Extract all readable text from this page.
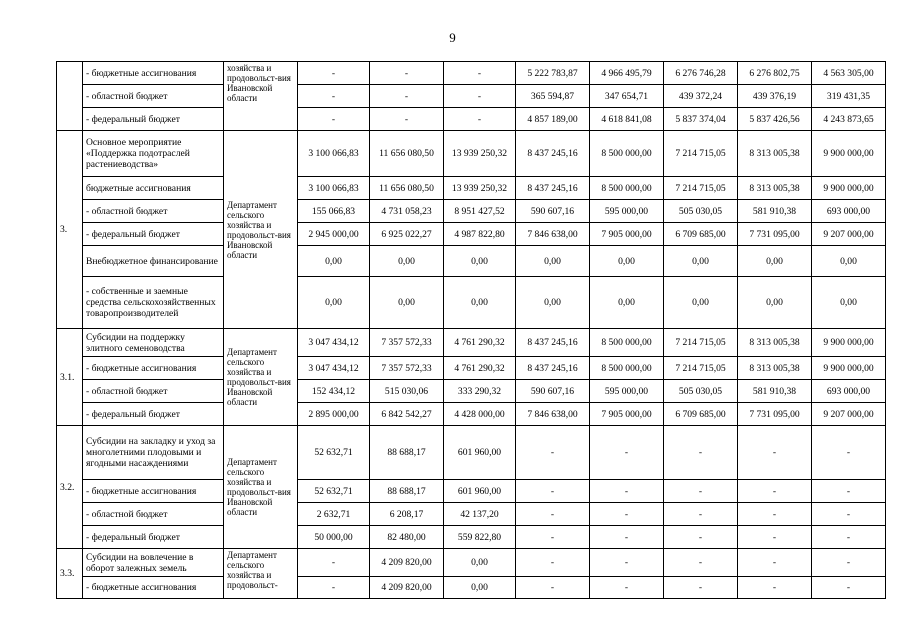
9
	- бюджетные ассигнования	хозяйства и продовольст-вия Ивановской области	-	-	-	5 222 783,87	4 966 495,79	6 276 746,28	6 276 802,75	4 563 305,00
	- областной бюджет		-	-	-	365 594,87	347 654,71	439 372,24	439 376,19	319 431,35
	- федеральный бюджет		-	-	-	4 857 189,00	4 618 841,08	5 837 374,04	5 837 426,56	4 243 873,65
3.	Основное мероприятие «Поддержка подотраслей растениеводства»	Департамент сельского хозяйства и продовольст-вия Ивановской области	3 100 066,83	11 656 080,50	13 939 250,32	8 437 245,16	8 500 000,00	7 214 715,05	8 313 005,38	9 900 000,00
	бюджетные ассигнования		3 100 066,83	11 656 080,50	13 939 250,32	8 437 245,16	8 500 000,00	7 214 715,05	8 313 005,38	9 900 000,00
	- областной бюджет		155 066,83	4 731 058,23	8 951 427,52	590 607,16	595 000,00	505 030,05	581 910,38	693 000,00
	- федеральный бюджет		2 945 000,00	6 925 022,27	4 987 822,80	7 846 638,00	7 905 000,00	6 709 685,00	7 731 095,00	9 207 000,00
	Внебюджетное финансирование		0,00	0,00	0,00	0,00	0,00	0,00	0,00	0,00
	- собственные и заемные средства сельскохозяйственных товаропроизводителей		0,00	0,00	0,00	0,00	0,00	0,00	0,00	0,00
3.1.	Субсидии на поддержку элитного семеноводства	Департамент сельского хозяйства и продовольст-вия Ивановской области	3 047 434,12	7 357 572,33	4 761 290,32	8 437 245,16	8 500 000,00	7 214 715,05	8 313 005,38	9 900 000,00
	- бюджетные ассигнования		3 047 434,12	7 357 572,33	4 761 290,32	8 437 245,16	8 500 000,00	7 214 715,05	8 313 005,38	9 900 000,00
	- областной бюджет		152 434,12	515 030,06	333 290,32	590 607,16	595 000,00	505 030,05	581 910,38	693 000,00
	- федеральный бюджет		2 895 000,00	6 842 542,27	4 428 000,00	7 846 638,00	7 905 000,00	6 709 685,00	7 731 095,00	9 207 000,00
3.2.	Субсидии на закладку и уход за многолетними плодовыми и ягодными насаждениями	Департамент сельского хозяйства и продовольст-вия Ивановской области	52 632,71	88 688,17	601 960,00	-	-	-	-	-
	- бюджетные ассигнования		52 632,71	88 688,17	601 960,00	-	-	-	-	-
	- областной бюджет		2 632,71	6 208,17	42 137,20	-	-	-	-	-
	- федеральный бюджет		50 000,00	82 480,00	559 822,80	-	-	-	-	-
3.3.	Субсидии на вовлечение в оборот залежных земель	Департамент сельского хозяйства и продовольст-	-	4 209 820,00	0,00	-	-	-	-	-
	- бюджетные ассигнования		-	4 209 820,00	0,00	-	-	-	-	-
